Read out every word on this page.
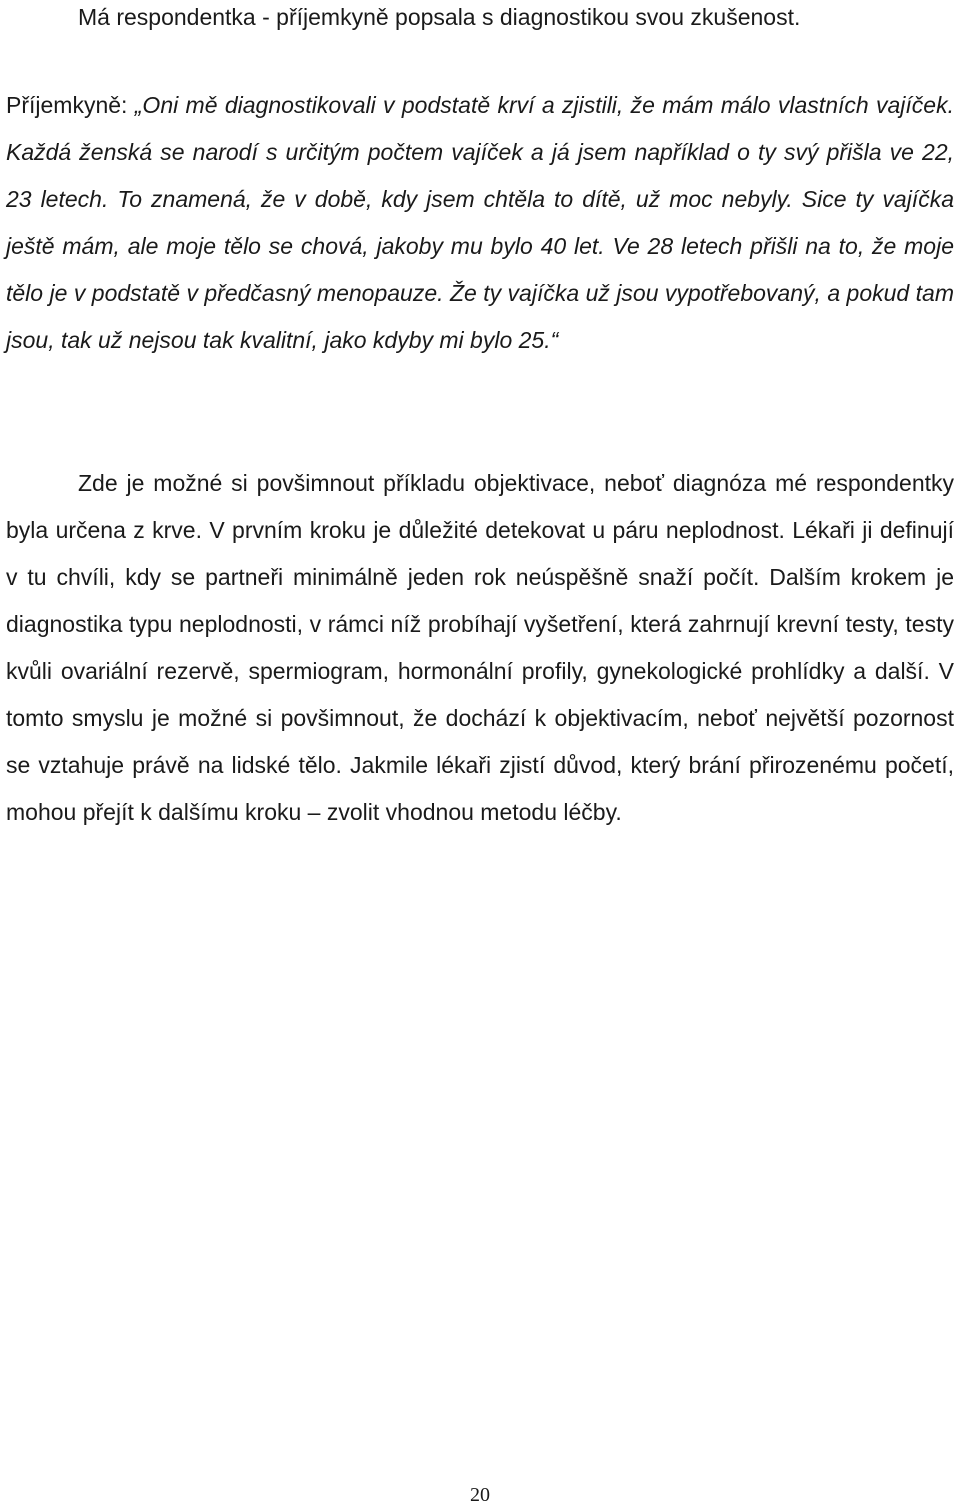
Má respondentka - příjemkyně popsala s diagnostikou svou zkušenost.

Příjemkyně: „Oni mě diagnostikovali v podstatě krví a zjistili, že mám málo vlastních vajíček. Každá ženská se narodí s určitým počtem vajíček a já jsem například o ty svý přišla ve 22, 23 letech. To znamená, že v době, kdy jsem chtěla to dítě, už moc nebyly. Sice ty vajíčka ještě mám, ale moje tělo se chová, jakoby mu bylo 40 let. Ve 28 letech přišli na to, že moje tělo je v podstatě v předčasný menopauze. Že ty vajíčka už jsou vypotřebovaný, a pokud tam jsou, tak už nejsou tak kvalitní, jako kdyby mi bylo 25.“

Zde je možné si povšimnout příkladu objektivace, neboť diagnóza mé respondentky byla určena z krve. V prvním kroku je důležité detekovat u páru neplodnost. Lékaři ji definují v tu chvíli, kdy se partneři minimálně jeden rok neúspěšně snaží počít. Dalším krokem je diagnostika typu neplodnosti, v rámci níž probíhají vyšetření, která zahrnují krevní testy, testy kvůli ovariální rezervě, spermiogram, hormonální profily, gynekologické prohlídky a další. V tomto smyslu je možné si povšimnout, že dochází k objektivacím, neboť největší pozornost se vztahuje právě na lidské tělo. Jakmile lékaři zjistí důvod, který brání přirozenému početí, mohou přejít k dalšímu kroku – zvolit vhodnou metodu léčby.

20
